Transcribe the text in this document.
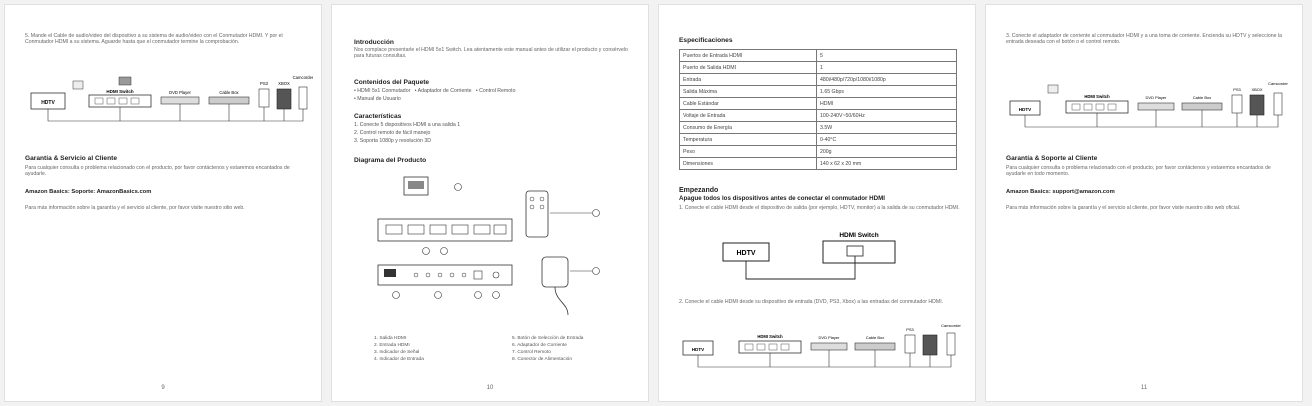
5. Mande el Cable de audio/video del dispositivo a su sistema de audio/video con el Conmutador HDMI. Y por el Conmutador HDMI a su sistema. Aguarde hasta que el conmutador termine la comprobación.
HDTV
HDMI Switch	DVD Player	Cable Box
PS3 XBOX
Camcorder
Garantía & Servicio al Cliente
Para cualquier consulta o problema relacionado con el producto, por favor contáctenos y estaremos encantados de ayudarle.
Amazon Basics: Soporte: AmazonBasics.com
Para más información sobre la garantía y el servicio al cliente, por favor visite nuestro sitio web.
9
Introducción
Nos complace presentarle el HDMI 5x1 Switch. Lea atentamente este manual antes de utilizar el producto y consérvelo para futuras consultas.
Contenidos del Paquete
• HDMI 5x1 Conmutador • Adaptador de Corriente • Control Remoto
• Manual de Usuario
Características
1. Conecte 5 dispositivos HDMI a una salida 1
2. Control remoto de fácil manejo
3. Soporta 1080p y resolución 3D
Diagrama del Producto
1. Salida HDMI
2. Entrada HDMI
3. Indicador de Señal
4. Indicador de Entrada
5. Botón de Selección de Entrada
6. Adaptador de Corriente
7. Control Remoto
8. Conector de Alimentación
10
Especificaciones
Puertos de Entrada HDMI	5
Puerto de Salida HDMI	1
Entrada	480i/480p/720p/1080i/1080p
Salida Máxima	1.65 Gbps
Cable Estándar	HDMI
Voltaje de Entrada	100-240V~50/60Hz
Consumo de Energía	3.5W
Temperatura	0-40°C
Peso	200g
Dimensiones	140 x 62 x 20 mm
Empezando
Apague todos los dispositivos antes de conectar el conmutador HDMI
1. Conecte el cable HDMI desde el dispositivo de salida (por ejemplo, HDTV, monitor) a la salida de su conmutador HDMI.
HDTV
HDMI Switch
2. Conecte el cable HDMI desde su dispositivo de entrada (DVD, PS3, Xbox) a las entradas del conmutador HDMI.
HDTV
HDMI Switch	DVD Player	Cable Box
PS3
Camcorder
3. Conecte el adaptador de corriente al conmutador HDMI y a una toma de corriente. Encienda su HDTV y seleccione la entrada deseada con el botón o el control remoto.
HDTV
HDMI Switch	DVD Player	Cable Box
PS3	XBOX
Camcorder
Garantía & Soporte al Cliente
Para cualquier consulta o problema relacionado con el producto, por favor contáctenos y estaremos encantados de ayudarle en todo momento.
Amazon Basics: support@amazon.com
Para más información sobre la garantía y el servicio al cliente, por favor visite nuestro sitio web oficial.
11
